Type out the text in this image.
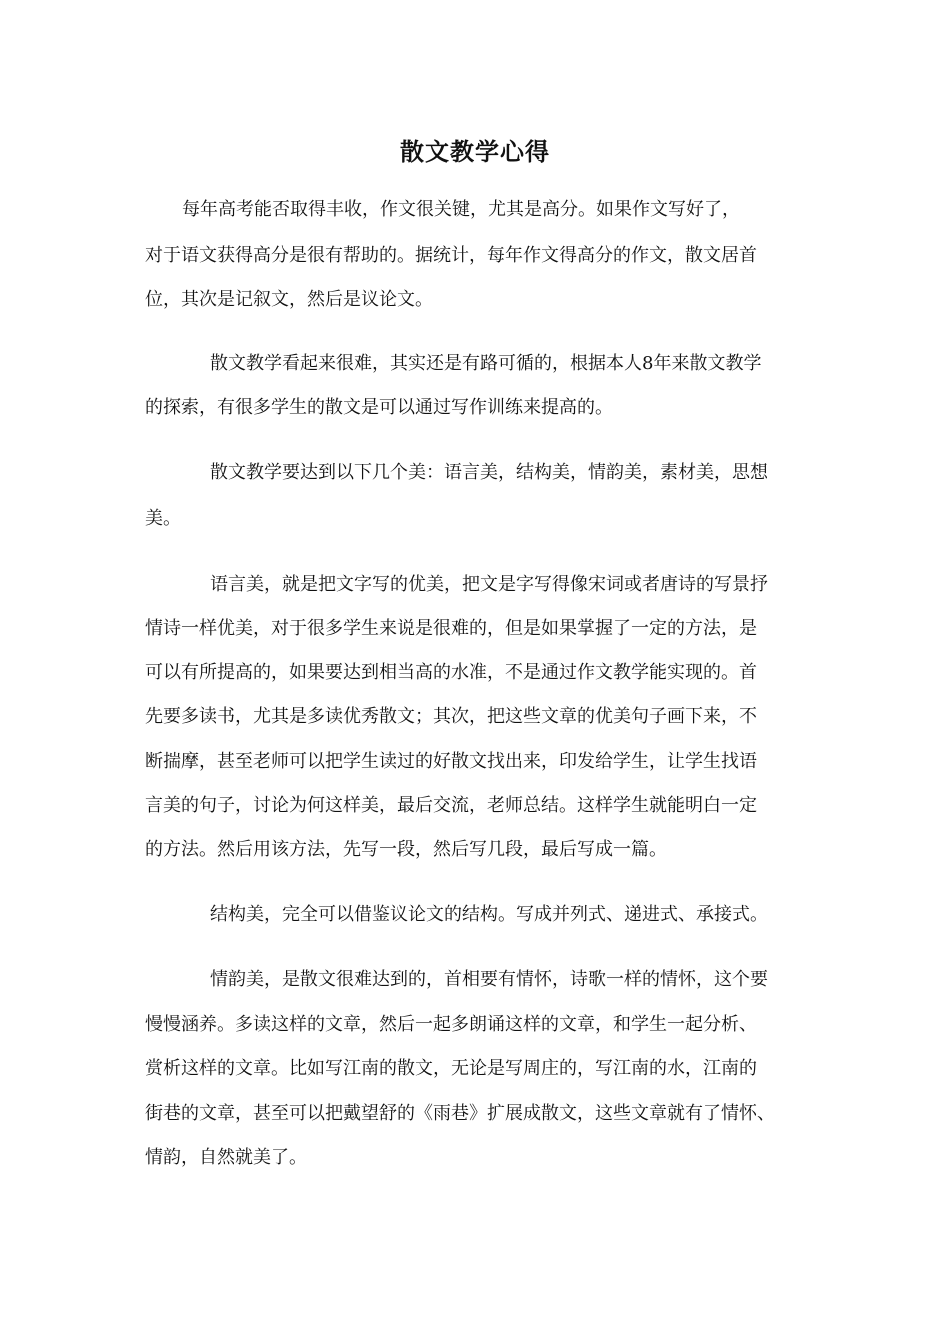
散文教学心得
　　每年高考能否取得丰收，作文很关键，尤其是高分。如果作文写好了，
对于语文获得高分是很有帮助的。据统计，每年作文得高分的作文，散文居首
位，其次是记叙文，然后是议论文。
散文教学看起来很难，其实还是有路可循的，根据本人8年来散文教学
的探索，有很多学生的散文是可以通过写作训练来提高的。
散文教学要达到以下几个美：语言美，结构美，情韵美，素材美，思想
美。
语言美，就是把文字写的优美，把文是字写得像宋词或者唐诗的写景抒
情诗一样优美，对于很多学生来说是很难的，但是如果掌握了一定的方法，是
可以有所提高的，如果要达到相当高的水准，不是通过作文教学能实现的。首
先要多读书，尤其是多读优秀散文；其次，把这些文章的优美句子画下来，不
断揣摩，甚至老师可以把学生读过的好散文找出来，印发给学生，让学生找语
言美的句子，讨论为何这样美，最后交流，老师总结。这样学生就能明白一定
的方法。然后用该方法，先写一段，然后写几段，最后写成一篇。
结构美，完全可以借鉴议论文的结构。写成并列式、递进式、承接式。
情韵美，是散文很难达到的，首相要有情怀，诗歌一样的情怀，这个要
慢慢涵养。多读这样的文章，然后一起多朗诵这样的文章，和学生一起分析、
赏析这样的文章。比如写江南的散文，无论是写周庄的，写江南的水，江南的
街巷的文章，甚至可以把戴望舒的《雨巷》扩展成散文，这些文章就有了情怀、
情韵，自然就美了。
